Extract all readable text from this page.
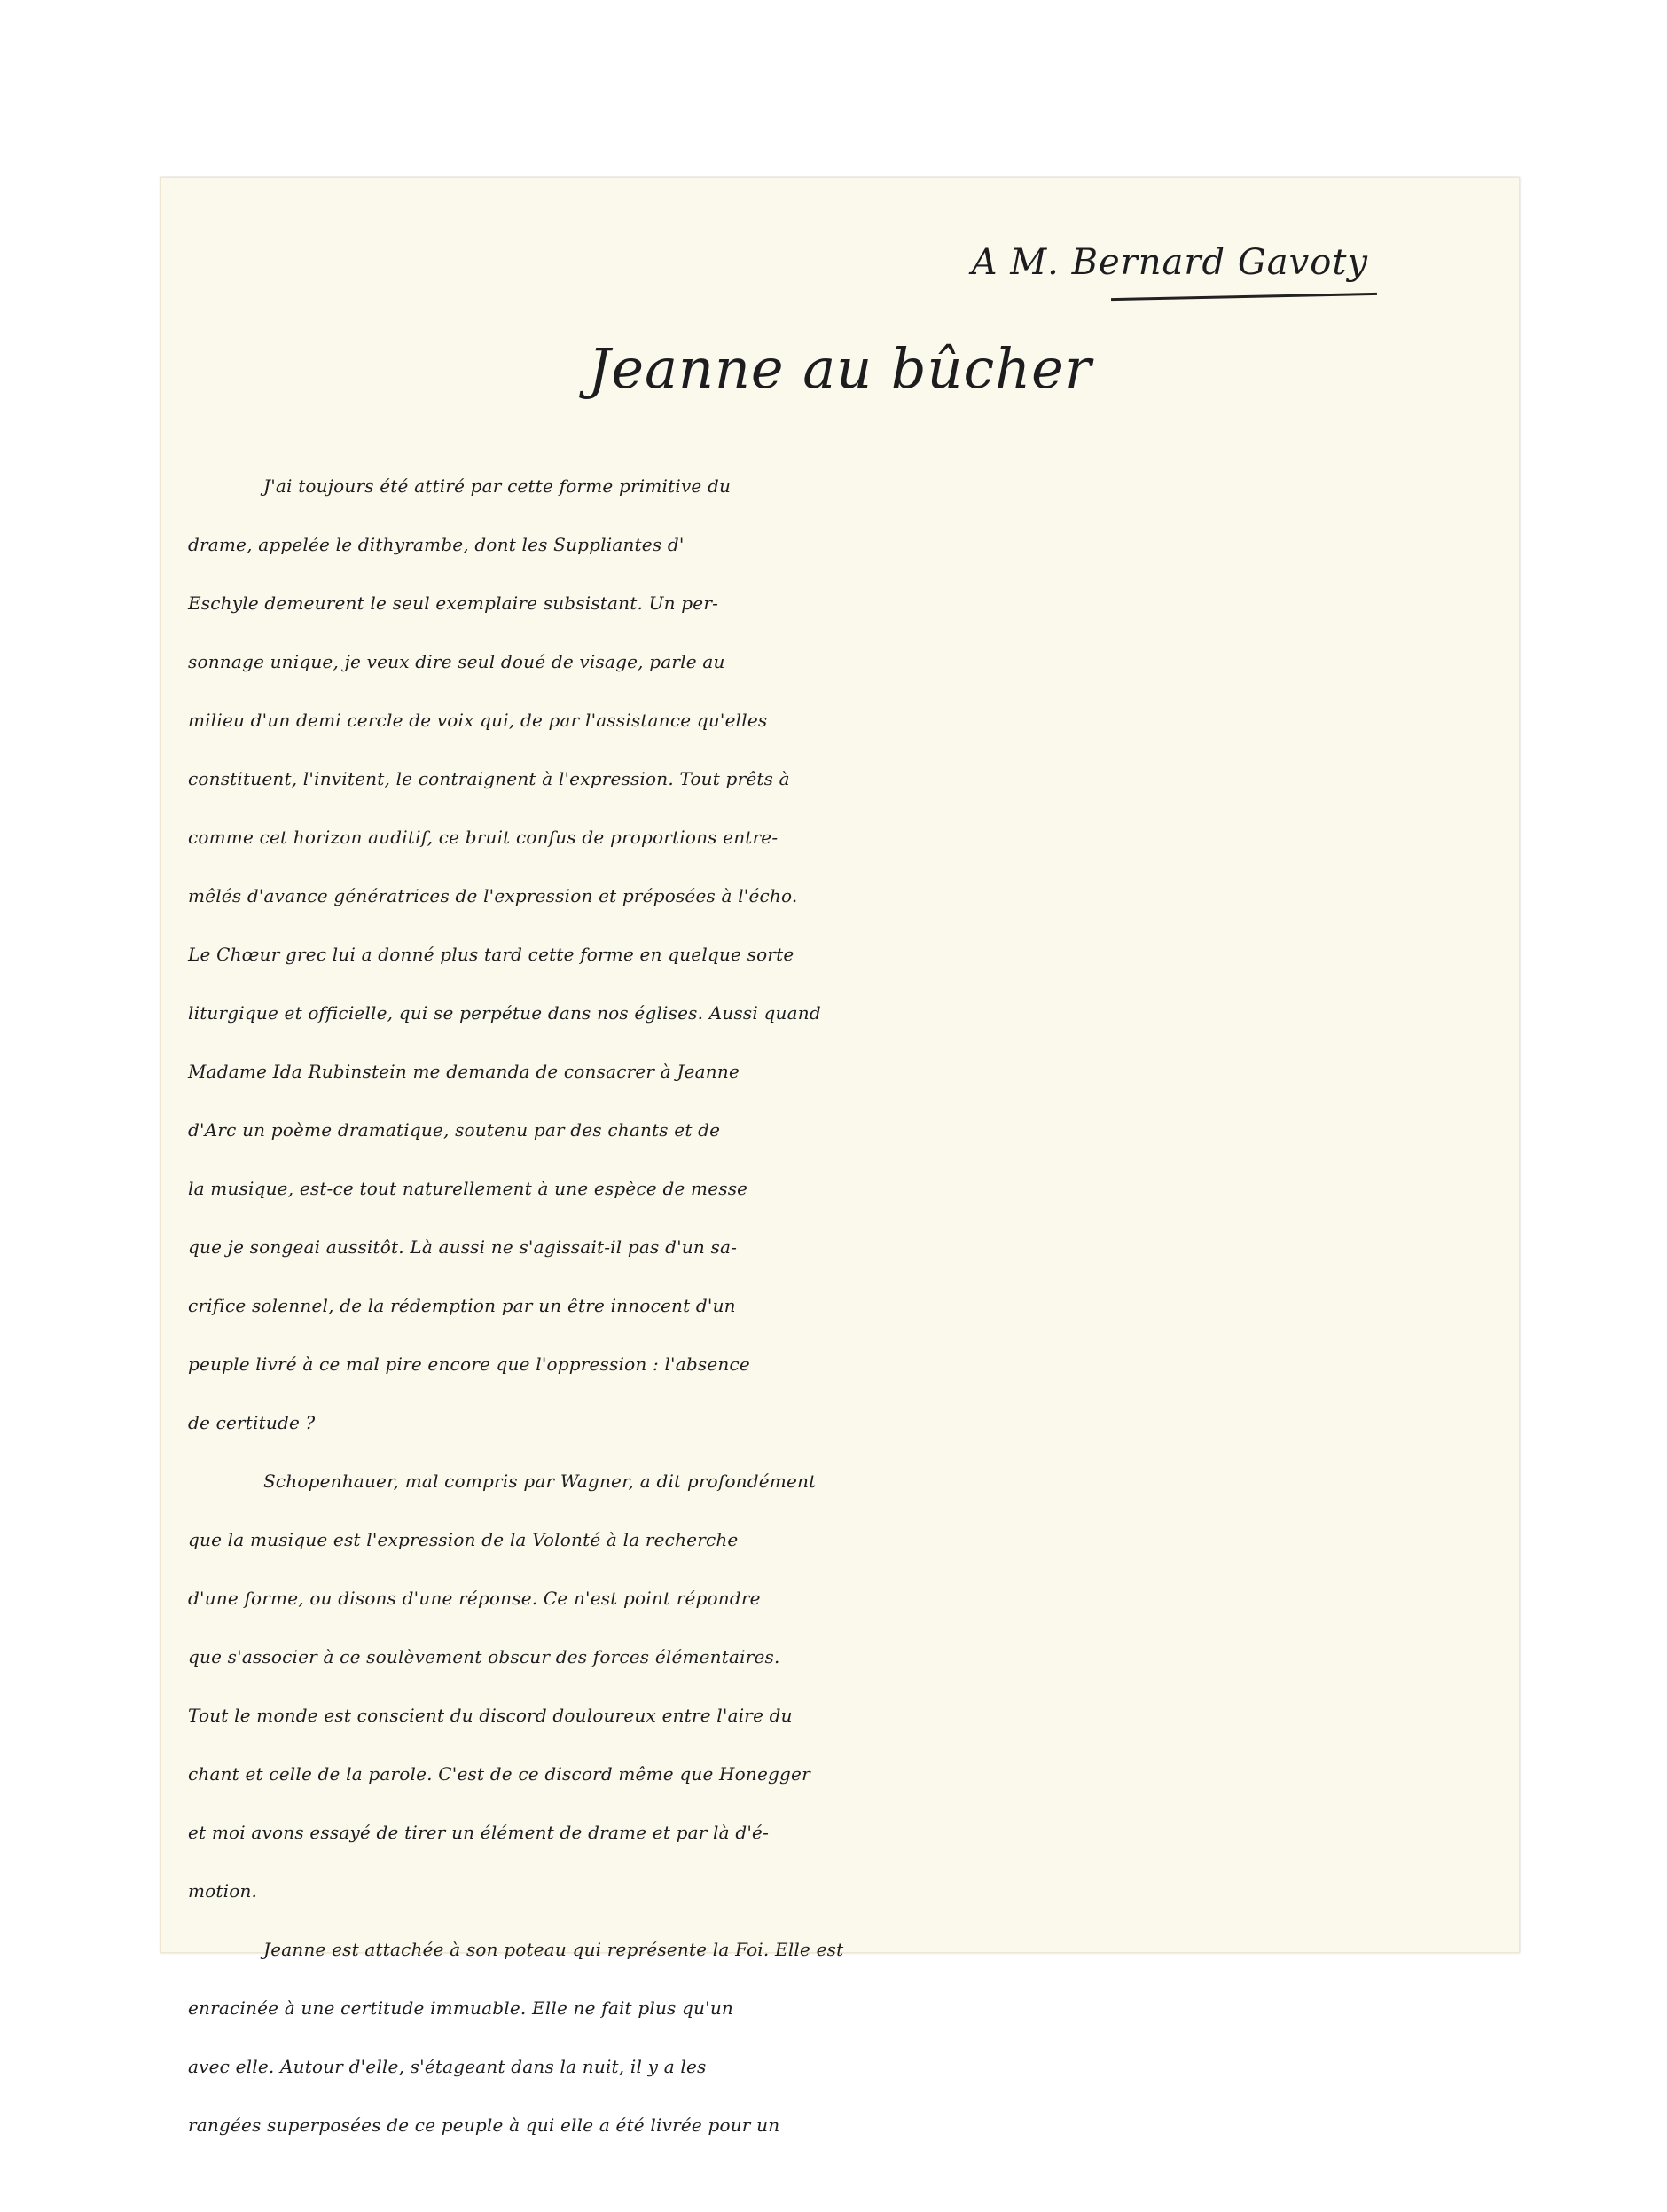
A M. Bernard Gavoty
Jeanne au bûcher
J'ai toujours été attiré par cette forme primitive du
drame, appelée le dithyrambe, dont les Suppliantes d'
Eschyle demeurent le seul exemplaire subsistant. Un per-
sonnage unique, je veux dire seul doué de visage, parle au
milieu d'un demi cercle de voix qui, de par l'assistance qu'elles
constituent, l'invitent, le contraignent à l'expression. Tout prêts à
comme cet horizon auditif, ce bruit confus de proportions entre-
mêlés d'avance génératrices de l'expression et préposées à l'écho.
Le Chœur grec lui a donné plus tard cette forme en quelque sorte
liturgique et officielle, qui se perpétue dans nos églises. Aussi quand
Madame Ida Rubinstein me demanda de consacrer à Jeanne
d'Arc un poème dramatique, soutenu par des chants et de
la musique, est-ce tout naturellement à une espèce de messe
que je songeai aussitôt. Là aussi ne s'agissait-il pas d'un sa-
crifice solennel, de la rédemption par un être innocent d'un
peuple livré à ce mal pire encore que l'oppression : l'absence
de certitude ?
Schopenhauer, mal compris par Wagner, a dit profondément
que la musique est l'expression de la Volonté à la recherche
d'une forme, ou disons d'une réponse. Ce n'est point répondre
que s'associer à ce soulèvement obscur des forces élémentaires.
Tout le monde est conscient du discord douloureux entre l'aire du
chant et celle de la parole. C'est de ce discord même que Honegger
et moi avons essayé de tirer un élément de drame et par là d'é-
motion.
Jeanne est attachée à son poteau qui représente la Foi. Elle est
enracinée à une certitude immuable. Elle ne fait plus qu'un
avec elle. Autour d'elle, s'étageant dans la nuit, il y a les
rangées superposées de ce peuple à qui elle a été livrée pour un
